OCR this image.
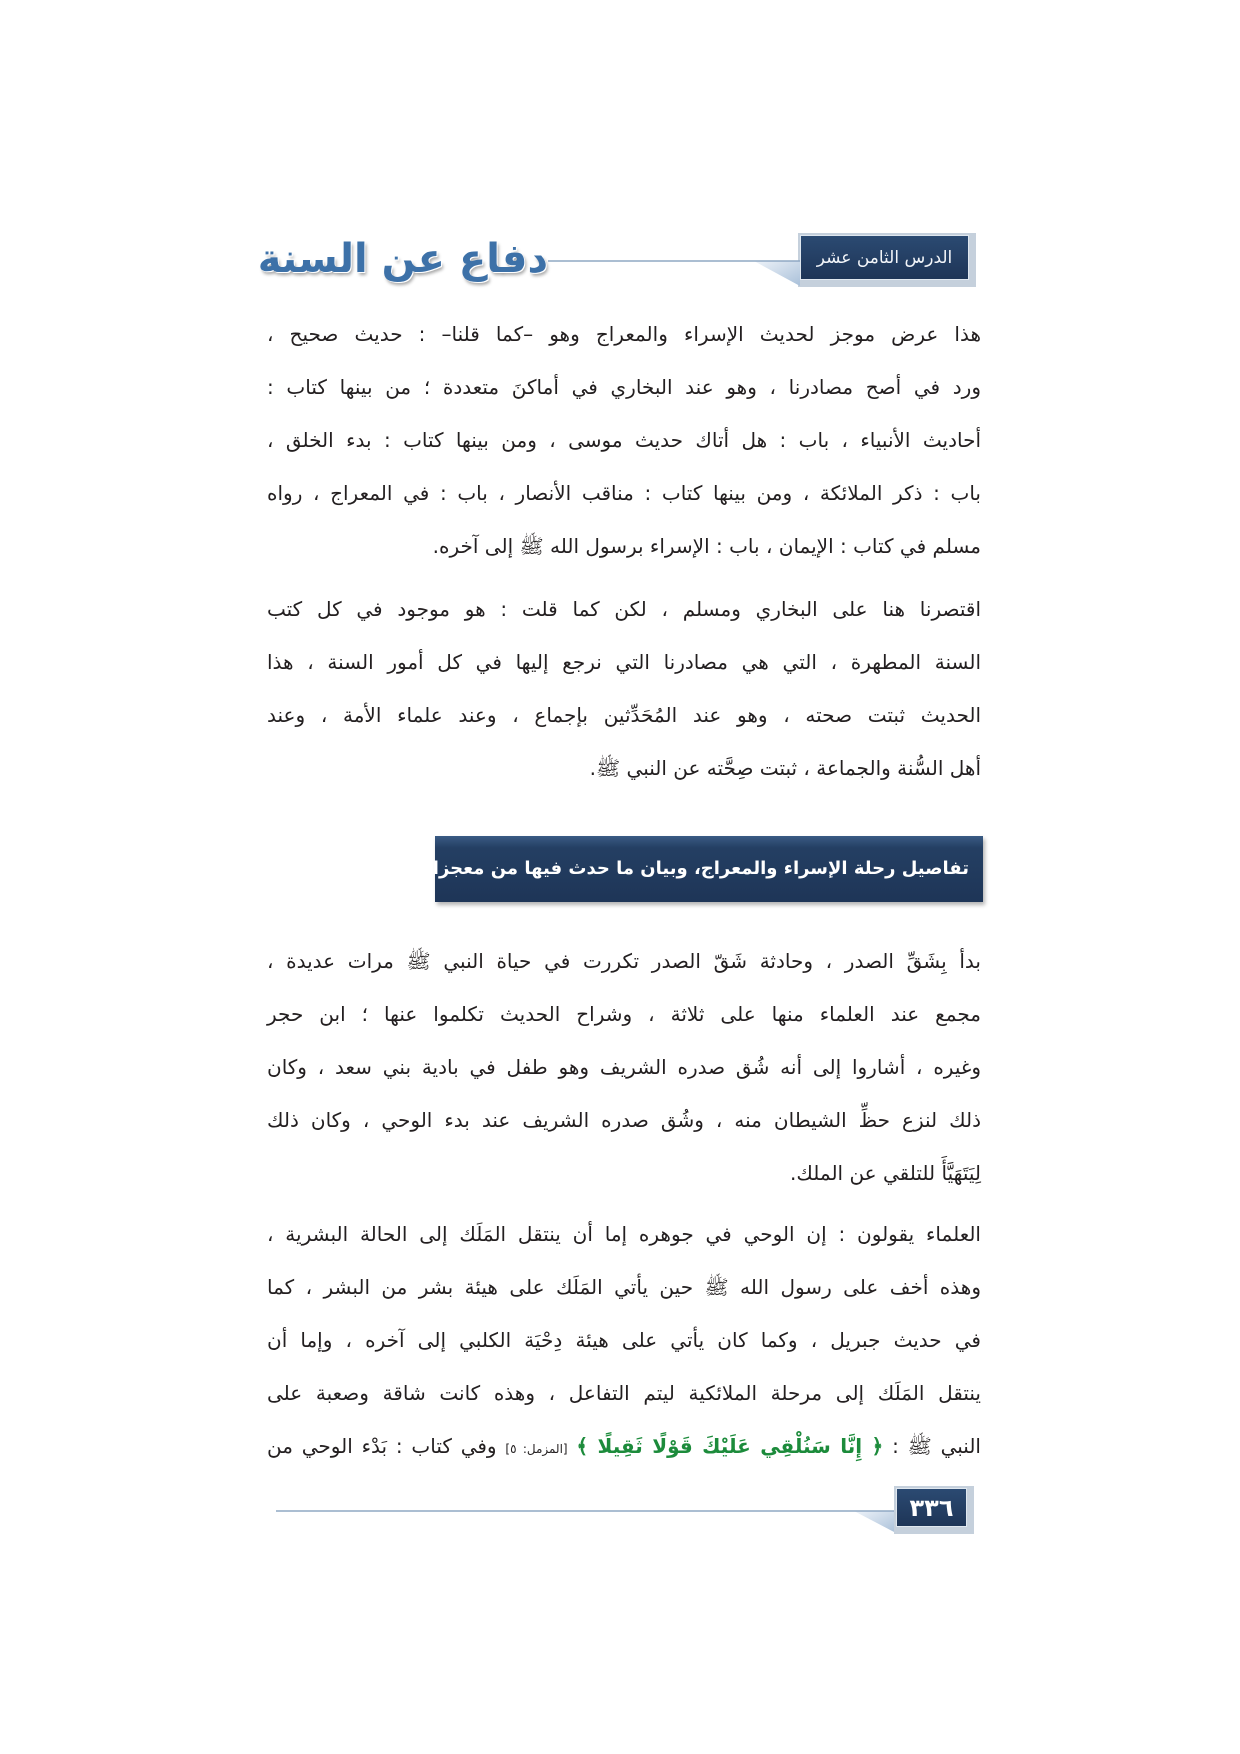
الدرس الثامن عشر
دفاع عن السنة
هذا عرض موجز لحديث الإسراء والمعراج وهو –كما قلنا– : حديث صحيح ،
ورد في أصح مصادرنا ، وهو عند البخاري في أماكنَ متعددة ؛ من بينها كتاب :
أحاديث الأنبياء ، باب : هل أتاك حديث موسى ، ومن بينها كتاب : بدء الخلق ،
باب : ذكر الملائكة ، ومن بينها كتاب : مناقب الأنصار ، باب : في المعراج ، رواه
مسلم في كتاب : الإيمان ، باب : الإسراء برسول الله ﷺ إلى آخره.
اقتصرنا هنا على البخاري ومسلم ، لكن كما قلت : هو موجود في كل كتب
السنة المطهرة ، التي هي مصادرنا التي نرجع إليها في كل أمور السنة ، هذا
الحديث ثبتت صحته ، وهو عند المُحَدِّثين بإجماع ، وعند علماء الأمة ، وعند
أهل السُّنة والجماعة ، ثبتت صِحَّته عن النبي ﷺ.
تفاصيل رحلة الإسراء والمعراج، وبيان ما حدث فيها من معجزات
بدأ بِشَقِّ الصدر ، وحادثة شَقّ الصدر تكررت في حياة النبي ﷺ مرات عديدة ،
مجمع عند العلماء منها على ثلاثة ، وشراح الحديث تكلموا عنها ؛ ابن حجر
وغيره ، أشاروا إلى أنه شُق صدره الشريف وهو طفل في بادية بني سعد ، وكان
ذلك لنزع حظِّ الشيطان منه ، وشُق صدره الشريف عند بدء الوحي ، وكان ذلك
لِيَتَهَيَّأَ للتلقي عن الملك.
العلماء يقولون : إن الوحي في جوهره إما أن ينتقل المَلَك إلى الحالة البشرية ،
وهذه أخف على رسول الله ﷺ حين يأتي المَلَك على هيئة بشر من البشر ، كما
في حديث جبريل ، وكما كان يأتي على هيئة دِحْيَة الكلبي إلى آخره ، وإما أن
ينتقل المَلَك إلى مرحلة الملائكية ليتم التفاعل ، وهذه كانت شاقة وصعبة على
النبي ﷺ : ﴿ إِنَّا سَنُلْقِي عَلَيْكَ قَوْلًا ثَقِيلًا ﴾ [المزمل: ٥] وفي كتاب : بَدْء الوحي من
٣٣٦
